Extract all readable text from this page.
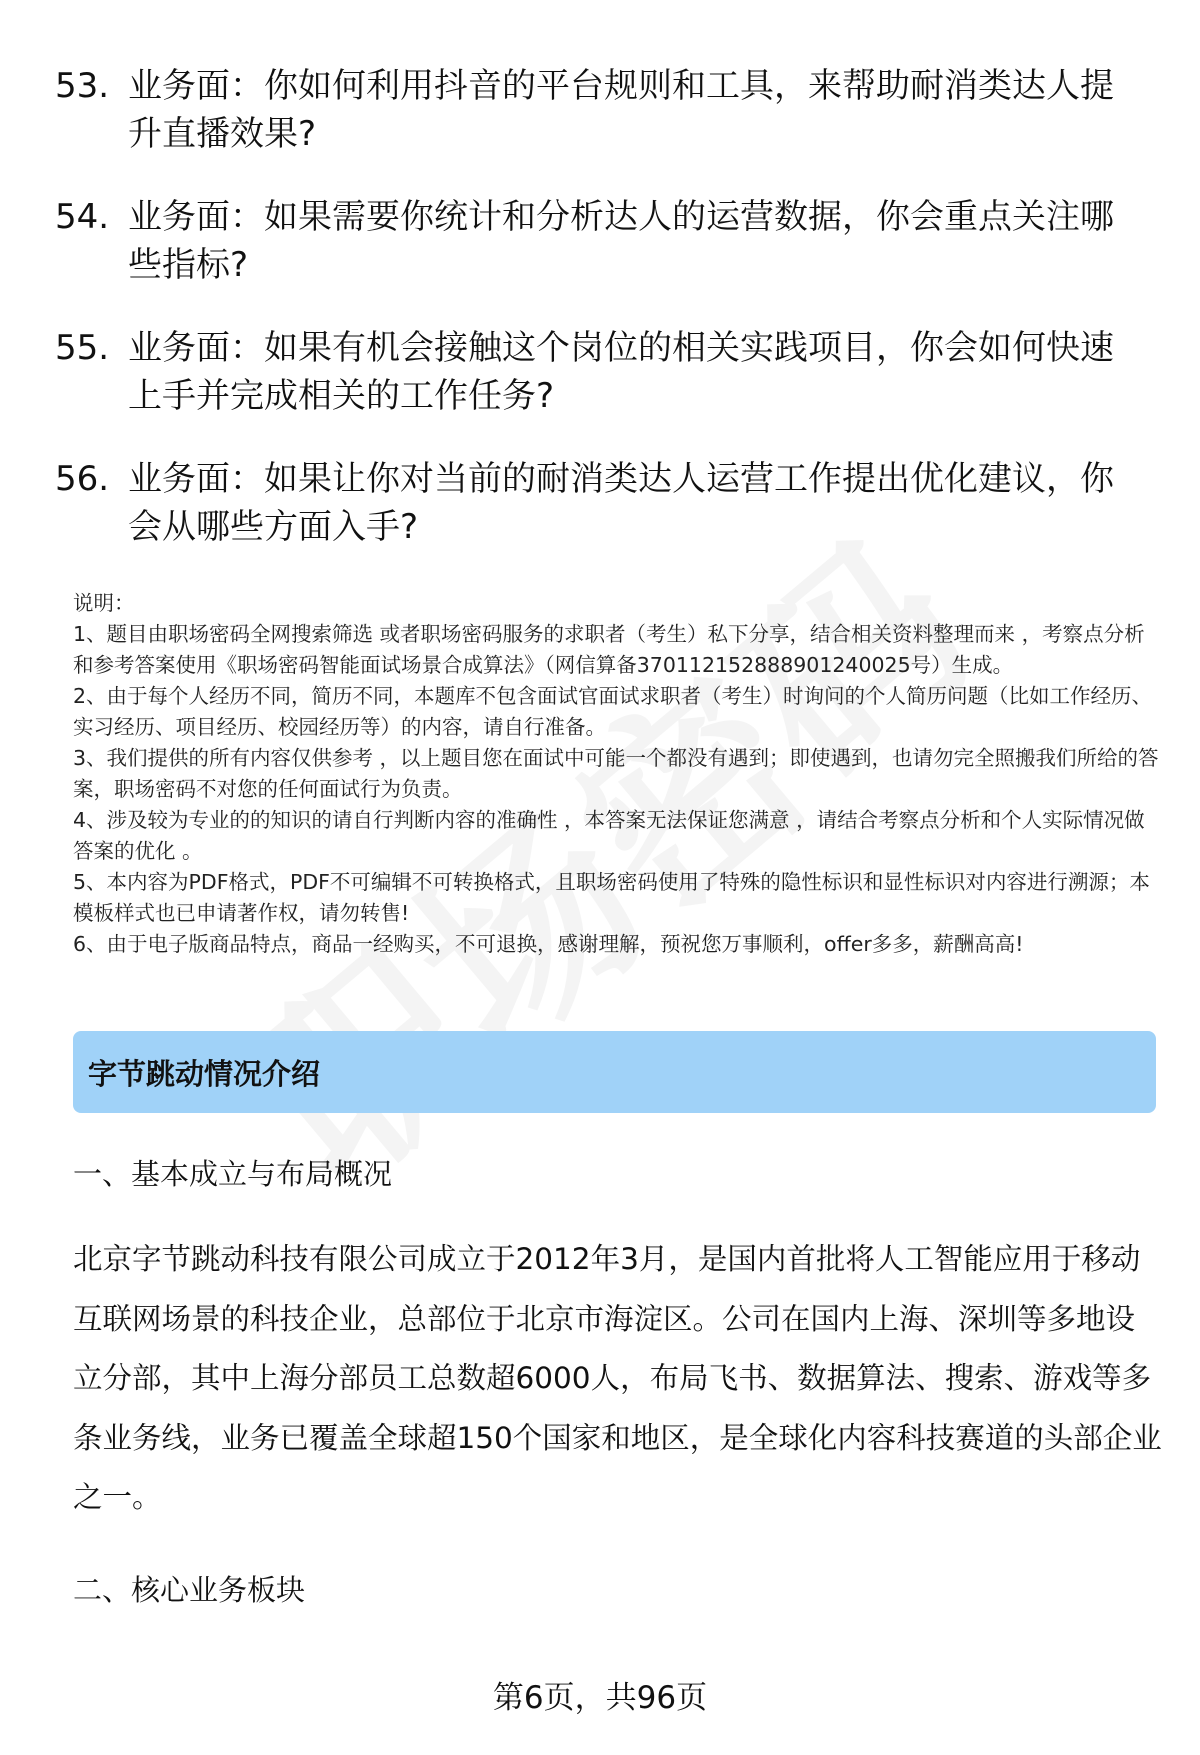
53. 业务面：你如何利用抖音的平台规则和工具，来帮助耐消类达人提升直播效果?
54. 业务面：如果需要你统计和分析达人的运营数据，你会重点关注哪些指标?
55. 业务面：如果有机会接触这个岗位的相关实践项目，你会如何快速上手并完成相关的工作任务?
56. 业务面：如果让你对当前的耐消类达人运营工作提出优化建议，你会从哪些方面入手?
说明：
1、题目由职场密码全网搜索筛选 或者职场密码服务的求职者（考生）私下分享，结合相关资料整理而来 ，考察点分析和参考答案使用《职场密码智能面试场景合成算法》（网信算备370112152888901240025号）生成。
2、由于每个人经历不同，简历不同，本题库不包含面试官面试求职者（考生）时询问的个人简历问题（比如工作经历、实习经历、项目经历、校园经历等）的内容，请自行准备。
3、我们提供的所有内容仅供参考 ，以上题目您在面试中可能一个都没有遇到；即使遇到，也请勿完全照搬我们所给的答案，职场密码不对您的任何面试行为负责。
4、涉及较为专业的的知识的请自行判断内容的准确性 ，本答案无法保证您满意 ，请结合考察点分析和个人实际情况做答案的优化 。
5、本内容为PDF格式，PDF不可编辑不可转换格式，且职场密码使用了特殊的隐性标识和显性标识对内容进行溯源；本模板样式也已申请著作权，请勿转售!
6、由于电子版商品特点，商品一经购买，不可退换，感谢理解，预祝您万事顺利，offer多多，薪酬高高!
字节跳动情况介绍
一、基本成立与布局概况
北京字节跳动科技有限公司成立于2012年3月，是国内首批将人工智能应用于移动互联网场景的科技企业，总部位于北京市海淀区。公司在国内上海、深圳等多地设立分部，其中上海分部员工总数超6000人，布局飞书、数据算法、搜索、游戏等多条业务线，业务已覆盖全球超150个国家和地区，是全球化内容科技赛道的头部企业之一。
二、核心业务板块
第6页，共96页
